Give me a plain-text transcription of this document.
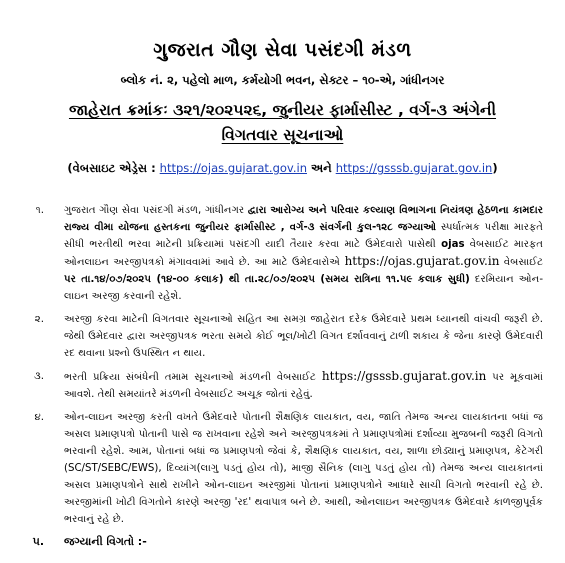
ગુજરાત ગૌણ સેવા પસંદગી મંડળ

બ્લોક નં. ૨, પહેલો માળ, કર્મયોગી ભવન, સેક્ટર – ૧૦-એ, ગાંધીનગર

જાહેરાત ક્રમાંકઃ ૩૨૧/૨૦૨૫૨૬, જુનીયર ફાર્માસીસ્ટ , વર્ગ-૩ અંગેની
વિગતવાર સૂચનાઓ

(વેબસાઇટ એડ્રેસ : https://ojas.gujarat.gov.in અને https://gsssb.gujarat.gov.in)

૧.	ગુજરાત ગૌણ સેવા પસંદગી મંડળ, ગાંધીનગર દ્વારા આરોગ્ય અને પરિવાર કલ્યાણ વિભાગના નિયંત્રણ હેઠળના કામદાર રાજ્ય વીમા યોજના હસ્તકના જુનીયર ફાર્માસીસ્ટ , વર્ગ-૩ સંવર્ગની કુલ-૧૨૮ જગ્યાઓ સ્પર્ધાત્મક પરીક્ષા મારફતે સીધી ભરતીથી ભરવા માટેની પ્રક્રિયામાં પસંદગી યાદી તૈયાર કરવા માટે ઉમેદવારો પાસેથી ojas વેબસાઈટ મારફત ઓનલાઇન અરજીપત્રકો મંગાવવામાં આવે છે. આ માટે ઉમેદવારોએ https://ojas.gujarat.gov.in વેબસાઈટ પર તા.૧૪/૦૭/૨૦૨૫ (૧૪-૦૦ કલાક) થી તા.૨૮/૦૭/૨૦૨૫ (સમય રાત્રિના ૧૧.૫૯ કલાક સુધી) દરમિયાન ઓન-લાઇન અરજી કરવાની રહેશે.
૨.	અરજી કરવા માટેની વિગતવાર સૂચનાઓ સહિત આ સમગ્ર જાહેરાત દરેક ઉમેદવારે પ્રથમ ધ્યાનથી વાંચવી જરૂરી છે. જેથી ઉમેદવાર દ્વારા અરજીપત્રક ભરતા સમયે કોઈ ભૂલ/ખોટી વિગત દર્શાવવાનું ટાળી શકાય કે જેના કારણે ઉમેદવારી રદ થવાના પ્રશ્નો ઉપસ્થિત ન થાય.
૩.	ભરતી પ્રક્રિયા સંબંધેની તમામ સૂચનાઓ મંડળની વેબસાઈટ https://gsssb.gujarat.gov.in પર મૂકવામાં આવશે. તેથી સમયાંતરે મંડળની વેબસાઈટ અચૂક જોતાં રહેવું.
૪.	ઓન-લાઇન અરજી કરતી વખતે ઉમેદવારે પોતાની શૈક્ષણિક લાયકાત, વય, જાતિ તેમજ અન્ય લાયકાતના બધાં જ અસલ પ્રમાણપત્રો પોતાની પાસે જ રાખવાના રહેશે અને અરજીપત્રકમાં તે પ્રમાણપત્રોમાં દર્શાવ્યા મુજબની જરૂરી વિગતો ભરવાની રહેશે. આમ, પોતાનાં બધાં જ પ્રમાણપત્રો જેવાં કે, શૈક્ષણિક લાયકાત, વય, શાળા છોડ્યાનું પ્રમાણપત્ર, કેટેગરી (SC/ST/SEBC/EWS), દિવ્યાંગ(લાગુ પડતું હોય તો), માજી સૈનિક (લાગુ પડતું હોય તો) તેમજ અન્ય લાયકાતનાં અસલ પ્રમાણપત્રોને સાથે રાખીને ઓન-લાઇન અરજીમાં પોતાનાં પ્રમાણપત્રોને આધારે સાચી વિગતો ભરવાની રહે છે. અરજીમાંની ખોટી વિગતોને કારણે અરજી 'રદ' થવાપાત્ર બને છે. આથી, ઓનલાઇન અરજીપત્રક ઉમેદવારે કાળજીપૂર્વક ભરવાનું રહે છે.
૫.	જગ્યાની વિગતો :-
